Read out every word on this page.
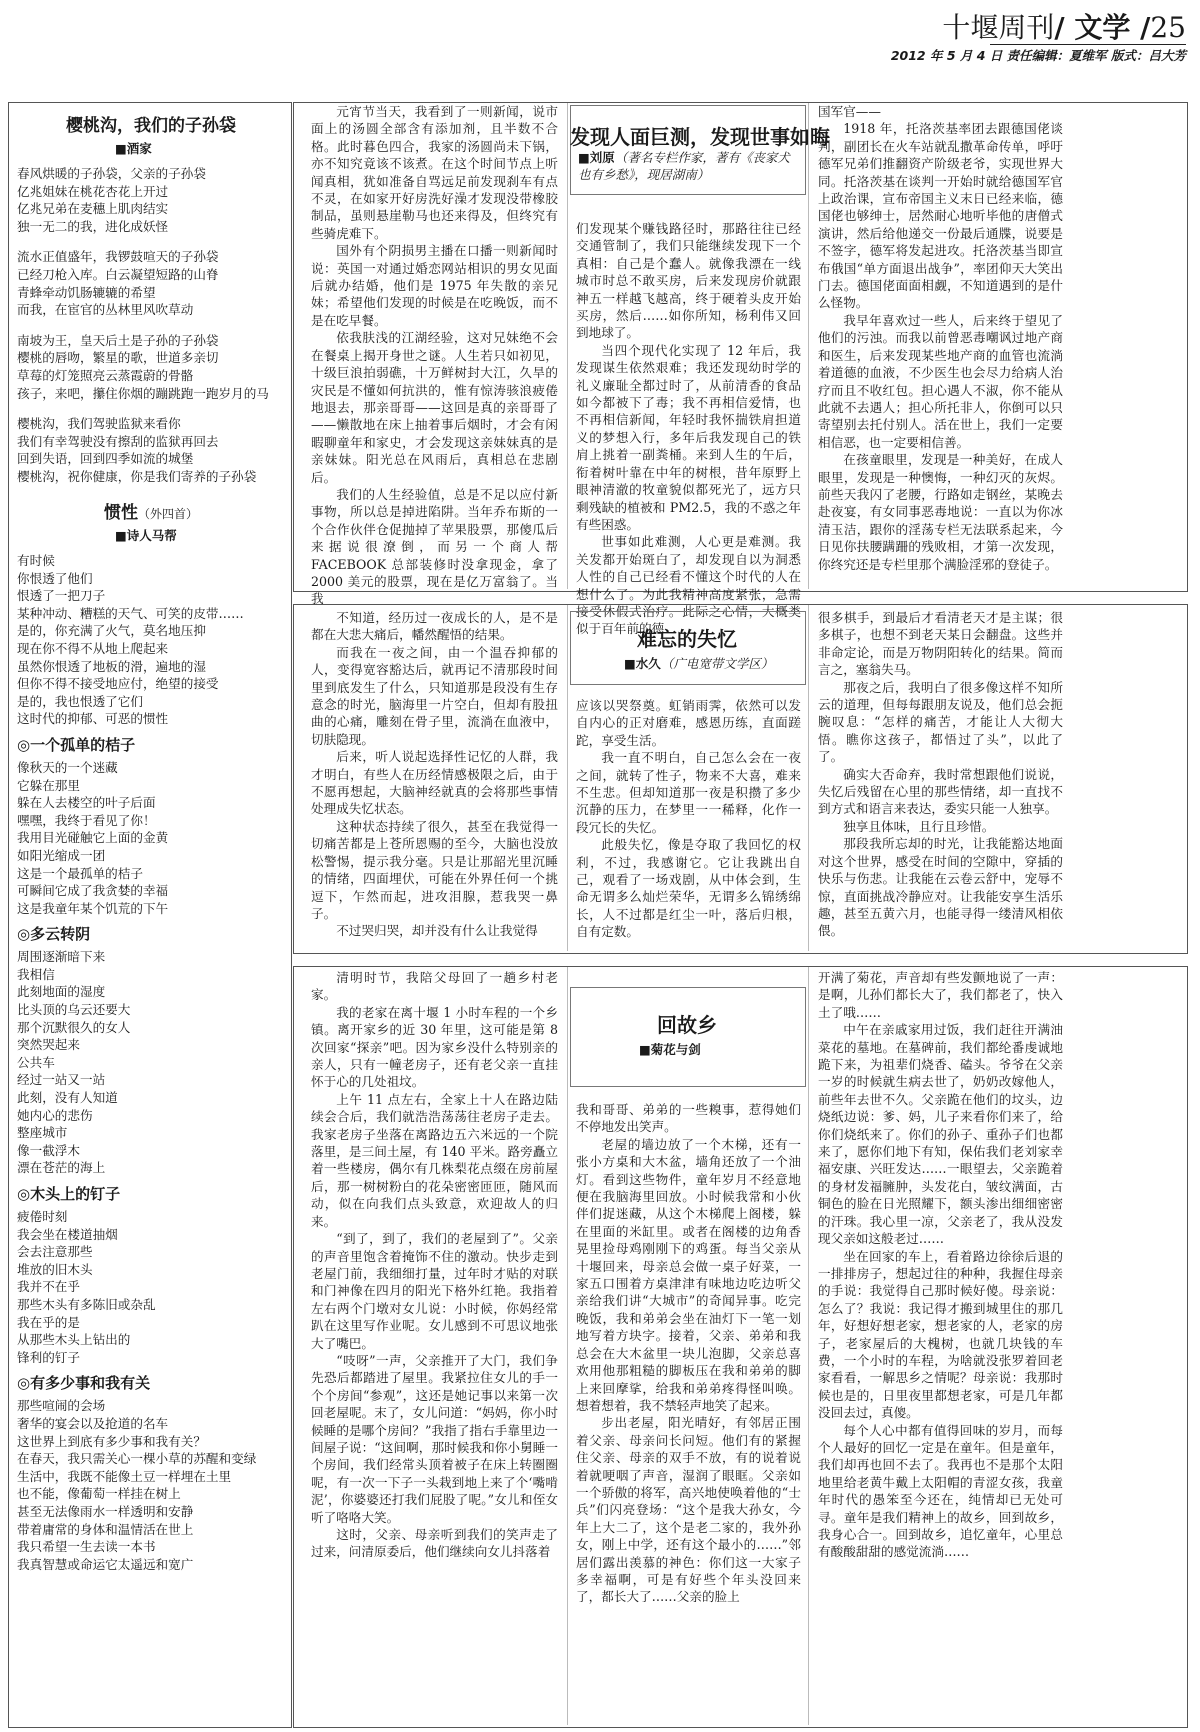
十堰周刊/ 文学 /25
2012 年 5 月 4 日 责任编辑：夏维军 版式：吕大芳
樱桃沟，我们的子孙袋
■酒家
春风烘暖的子孙袋，父亲的子孙袋
亿兆姐妹在桃花杏花上开过
亿兆兄弟在麦穗上肌肉结实
独一无二的我，进化成妖怪
流水正值盛年，我锣鼓喧天的子孙袋
已经刀枪入库。白云凝望短路的山脊
青蜂牵动饥肠辘辘的希望
而我，在宦官的丛林里风吹草动
南坡为王，皇天后土是子孙的子孙袋
樱桃的唇吻，繁星的歌，世道多亲切
草莓的灯笼照亮云蒸霞蔚的骨骼
孩子，来吧，攥住你烟的蹦跳跑一跑岁月的马
樱桃沟，我们驾驶监狱来看你
我们有幸驾驶没有擦刮的监狱再回去
回到失语，回到四季如流的城堡
樱桃沟，祝你健康，你是我们寄养的子孙袋
惯性（外四首）
■诗人马帮
有时候
你恨透了他们
恨透了一把刀子
某种冲动、糟糕的天气、可笑的皮带……
是的，你充满了火气，莫名地压抑
现在你不得不从地上爬起来
虽然你恨透了地板的滑，遍地的湿
但你不得不接受地应付，绝望的接受
是的，我也恨透了它们
这时代的抑郁、可恶的惯性
◎一个孤单的桔子
像秋天的一个迷藏
它躲在那里
躲在人去楼空的叶子后面
嘿嘿，我终于看见了你！
我用目光碰触它上面的金黄
如阳光缩成一团
这是一个最孤单的桔子
可瞬间它成了我贪婪的幸福
这是我童年某个饥荒的下午
◎多云转阴
周围逐渐暗下来
我相信
此刻地面的湿度
比头顶的乌云还要大
那个沉默很久的女人
突然哭起来
公共车
经过一站又一站
此刻，没有人知道
她内心的悲伤
整座城市
像一截浮木
漂在苍茫的海上
◎木头上的钉子
疲倦时刻
我会坐在楼道抽烟
会去注意那些
堆放的旧木头
我并不在乎
那些木头有多陈旧或杂乱
我在乎的是
从那些木头上钻出的
锋利的钉子
◎有多少事和我有关
那些喧闹的会场
奢华的宴会以及抢道的名车
这世界上到底有多少事和我有关？
在春天，我只需关心一棵小草的苏醒和变绿
生活中，我既不能像土豆一样埋在土里
也不能，像葡萄一样挂在树上
甚至无法像雨水一样透明和安静
带着庸常的身体和温情活在世上
我只希望一生去读一本书
我真智慧或命运它太遥远和宽广

元宵节当天，我看到了一则新闻，说市面上的汤圆全部含有添加剂，且半数不合格。此时暮色四合，我家的汤圆尚未下锅，亦不知究竟该不该煮。在这个时间节点上听闻真相，犹如准备自骂远足前发现刹车有点不灵，在如家开好房洗好澡才发现没带橡胶制品，虽则悬崖勒马也还来得及，但终究有些骑虎难下。

国外有个阴损男主播在口播一则新闻时说：英国一对通过婚恋网站相识的男女见面后就办结婚，他们是 1975 年失散的亲兄妹；希望他们发现的时候是在吃晚饭，而不是在吃早餐。

依我肤浅的江湖经验，这对兄妹绝不会在餐桌上揭开身世之谜。人生若只如初见，十级巨浪拍弱礁，十万鲜树封大江，久旱的灾民是不懂如何抗洪的，惟有惊涛骇浪疲倦地退去，那亲哥哥——这回是真的亲哥哥了——懒散地在床上抽着事后烟时，才会有闲暇聊童年和家史，才会发现这亲妹妹真的是亲妹妹。阳光总在风雨后，真相总在悲剧后。

我们的人生经验值，总是不足以应付新事物，所以总是掉进陷阱。当年乔布斯的一个合作伙伴仓促抛掉了苹果股票，那傻瓜后来据说很潦倒，而另一个商人帮 FACEBOOK 总部装修时没拿现金，拿了 2000 美元的股票，现在是亿万富翁了。当我

发现人面巨测，发现世事如晦
■刘原（著名专栏作家，著有《丧家犬也有乡愁》，现居湖南）

们发现某个赚钱路径时，那路往往已经交通管制了，我们只能继续发现下一个真相：自己是个蠢人。就像我漂在一线城市时总不敢买房，后来发现房价就跟神五一样越飞越高，终于硬着头皮开始买房，然后……如你所知，杨利伟又回到地球了。

当四个现代化实现了 12 年后，我发现谋生依然艰难；我还发现幼时学的礼义廉耻全都过时了，从前清香的食品如今都被下了毒；我不再相信爱情，也不再相信新闻，年轻时我怀揣铁肩担道义的梦想入行，多年后我发现自己的铁肩上挑着一副粪桶。来到人生的午后，衔着树叶靠在中年的树根，昔年原野上眼神清澈的牧童貌似都死光了，远方只剩残缺的植被和 PM2.5，我的不惑之年有些困惑。

世事如此难测，人心更是难测。我关发都开始斑白了，却发现自以为洞悉人性的自己已经看不懂这个时代的人在想什么了。为此我精神高度紧张，急需接受休假式治疗。此际之心情，大概类似于百年前的德

国军官——

1918 年，托洛茨基率团去跟德国佬谈判，副团长在火车站就乱撒革命传单，呼吁德军兄弟们推翻资产阶级老爷，实现世界大同。托洛茨基在谈判一开始时就给德国军官上政治课，宣布帝国主义末日已经来临，德国佬也够绅士，居然耐心地听毕他的唐僧式演讲，然后给他递交一份最后通牒，说要是不签字，德军将发起进攻。托洛茨基当即宣布俄国“单方面退出战争”，率团仰天大笑出门去。德国佬面面相觑，不知道遇到的是什么怪物。

我早年喜欢过一些人，后来终于望见了他们的污浊。而我以前曾恶毒嘲讽过地产商和医生，后来发现某些地产商的血管也流淌着道德的血液，不少医生也会尽力给病人治疗而且不收红包。担心遇人不淑，你不能从此就不去遇人；担心所托非人，你倒可以只寄望别去托付别人。活在世上，我们一定要相信恶，也一定要相信善。

在孩童眼里，发现是一种美好，在成人眼里，发现是一种懊悔，一种幻灭的灰烬。前些天我闪了老腰，行路如走钢丝，某晚去赴夜宴，有女同事恶毒地说：一直以为你冰清玉洁，跟你的淫荡专栏无法联系起来，今日见你扶腰蹒跚的残败相，才第一次发现，你终究还是专栏里那个满脸淫邪的登徒子。

不知道，经历过一夜成长的人，是不是都在大悲大痛后，幡然醒悟的结果。

而我在一夜之间，由一个温吞抑郁的人，变得宽容豁达后，就再记不清那段时间里到底发生了什么，只知道那是段没有生存意念的时光，脑海里一片空白，但却有股扭曲的心痛，雕刻在骨子里，流淌在血液中，切肤隐现。

后来，听人说起选择性记忆的人群，我才明白，有些人在历经情感极限之后，由于不愿再想起，大脑神经就真的会将那些事情处理成失忆状态。

这种状态持续了很久，甚至在我觉得一切痛苦都是上苍所恩赐的至今，大脑也没放松警惕，提示我分毫。只是让那韶光里沉睡的情绪，四面埋伏，可能在外界任何一个挑逗下，乍然而起，进攻泪腺，惹我哭一鼻子。

不过哭归哭，却并没有什么让我觉得

难忘的失忆
■水久（广电宽带文学区）

应该以哭祭奠。虹销雨霁，依然可以发自内心的正对磨难，感恩历练，直面蹉跎，享受生活。

我一直不明白，自己怎么会在一夜之间，就转了性子，物来不大喜，难来不生悲。但却知道那一夜是积攒了多少沉静的压力，在梦里一一稀释，化作一段冗长的失忆。

此般失忆，像是夺取了我回忆的权利，不过，我感谢它。它让我跳出自己，观看了一场戏剧，从中体会到，生命无谓多么灿烂荣华，无谓多么锦绣绵长，人不过都是红尘一叶，落后归根，自有定数。

很多棋手，到最后才看清老天才是主谋；很多棋子，也想不到老天某日会翻盘。这些并非命定论，而是万物阴阳转化的结果。简而言之，塞翁失马。

那夜之后，我明白了很多像这样不知所云的道理，但每每跟朋友说及，他们总会扼腕叹息：“怎样的痛苦，才能让人大彻大悟。瞧你这孩子，都悟过了头”，以此了了。

确实大否命弃，我时常想跟他们说说，失忆后残留在心里的那些情绪，却一直找不到方式和语言来表达，委实只能一人独享。

独享且体味，且行且珍惜。

那段我所忘却的时光，让我能豁达地面对这个世界，感受在时间的空隙中，穿插的快乐与伤悲。让我能在云卷云舒中，宠辱不惊，直面挑战冷静应对。让我能安享生活乐趣，甚至五黄六月，也能寻得一缕清风相依偎。

清明时节，我陪父母回了一趟乡村老家。

我的老家在离十堰 1 小时车程的一个乡镇。离开家乡的近 30 年里，这可能是第 8 次回家“探亲”吧。因为家乡没什么特别亲的亲人，只有一幢老房子，还有老父亲一直挂怀于心的几处祖坟。

上午 11 点左右，全家上十人在路边陆续会合后，我们就浩浩荡荡往老房子走去。我家老房子坐落在离路边五六米远的一个院落里，是三间土屋，有 140 平米。路旁矗立着一些楼房，偶尔有几株梨花点缀在房前屋后，那一树树粉白的花朵密密匝匝，随风而动，似在向我们点头致意，欢迎故人的归来。

“到了，到了，我们的老屋到了”。父亲的声音里饱含着掩饰不住的激动。快步走到老屋门前，我细细打量，过年时才贴的对联和门神像在四月的阳光下格外红艳。我指着左右两个门墩对女儿说：小时候，你妈经常趴在这里写作业呢。女儿感到不可思议地张大了嘴巴。

“吱呀”一声，父亲推开了大门，我们争先恐后都踏进了屋里。我紧拉住女儿的手一个个房间“参观”，这还是她记事以来第一次回老屋呢。末了，女儿问道：“妈妈，你小时候睡的是哪个房间？”我指了指右手靠里边一间屋子说：“这间啊，那时候我和你小舅睡一个房间，我们经常头顶着被子在床上转圈圈呢，有一次一下子一头栽到地上来了个‘嘴啃泥’，你婆婆还打我们屁股了呢。”女儿和侄女听了咯咯大笑。

这时，父亲、母亲听到我们的笑声走了过来，问清原委后，他们继续向女儿抖落着

回故乡
■菊花与剑

我和哥哥、弟弟的一些糗事，惹得她们不停地发出笑声。

老屋的墙边放了一个木梯，还有一张小方桌和大木盆，墙角还放了一个油灯。看到这些物件，童年岁月不经意地便在我脑海里回放。小时候我常和小伙伴们捉迷藏，从这个木梯爬上阁楼，躲在里面的米缸里。或者在阁楼的边角香晃里捡母鸡刚刚下的鸡蛋。每当父亲从十堰回来，母亲总会做一桌子好菜，一家五口围着方桌津津有味地边吃边听父亲给我们讲“大城市”的奇闻异事。吃完晚饭，我和弟弟会坐在油灯下一笔一划地写着方块字。接着，父亲、弟弟和我总会在大木盆里一块儿泡脚，父亲总喜欢用他那粗糙的脚板压在我和弟弟的脚上来回摩挲，给我和弟弟疼得怪叫唤。想着想着，我不禁轻声地笑了起来。

步出老屋，阳光晴好，有邻居正围着父亲、母亲问长问短。他们有的紧握住父亲、母亲的双手不放，有的说着说着就哽咽了声音，湿润了眼眶。父亲如一个骄傲的将军，高兴地使唤着他的“士兵”们闪亮登场：“这个是我大孙女，今年上大二了，这个是老二家的，我外孙女，刚上中学，还有这个最小的……”邻居们露出羡慕的神色：你们这一大家子多幸福啊，可是有好些个年头没回来了，都长大了……父亲的脸上

开满了菊花，声音却有些发颤地说了一声：是啊，儿孙们都长大了，我们都老了，快入土了哦……

中午在亲戚家用过饭，我们赶往开满油菜花的墓地。在墓碑前，我们都纶番虔诚地跪下来，为祖辈们烧香、磕头。爷爷在父亲一岁的时候就生病去世了，奶奶改嫁他人，前些年去世不久。父亲跪在他们的坟头，边烧纸边说：爹、妈，儿子来看你们来了，给你们烧纸来了。你们的孙子、重孙子们也都来了，愿你们地下有知，保佑我们老刘家幸福安康、兴旺发达……一眼望去，父亲跪着的身材发福臃肿，头发花白，皱纹满面，古铜色的脸在日光照耀下，额头渗出细细密密的汗珠。我心里一凉，父亲老了，我从没发现父亲如这般老过……

坐在回家的车上，看着路边徐徐后退的一排排房子，想起过往的种种，我握住母亲的手说：我觉得自己那时候好傻。母亲说：怎么了？我说：我记得才搬到城里住的那几年，好想好想老家，想老家的人，老家的房子，老家屋后的大槐树，也就几块钱的车费，一个小时的车程，为啥就没张罗着回老家看看，一解思乡之情呢？母亲说：我那时候也是的，日里夜里都想老家，可是几年都没回去过，真傻。

每个人心中都有值得回味的岁月，而每个人最好的回忆一定是在童年。但是童年，我们却再也回不去了。我再也不是那个太阳地里给老黄牛戴上太阳帽的青涩女孩，我童年时代的愚笨至今还在，纯情却已无处可寻。童年是我们精神上的故乡，回到故乡，我身心合一。回到故乡，追忆童年，心里总有酸酸甜甜的感觉流淌……
